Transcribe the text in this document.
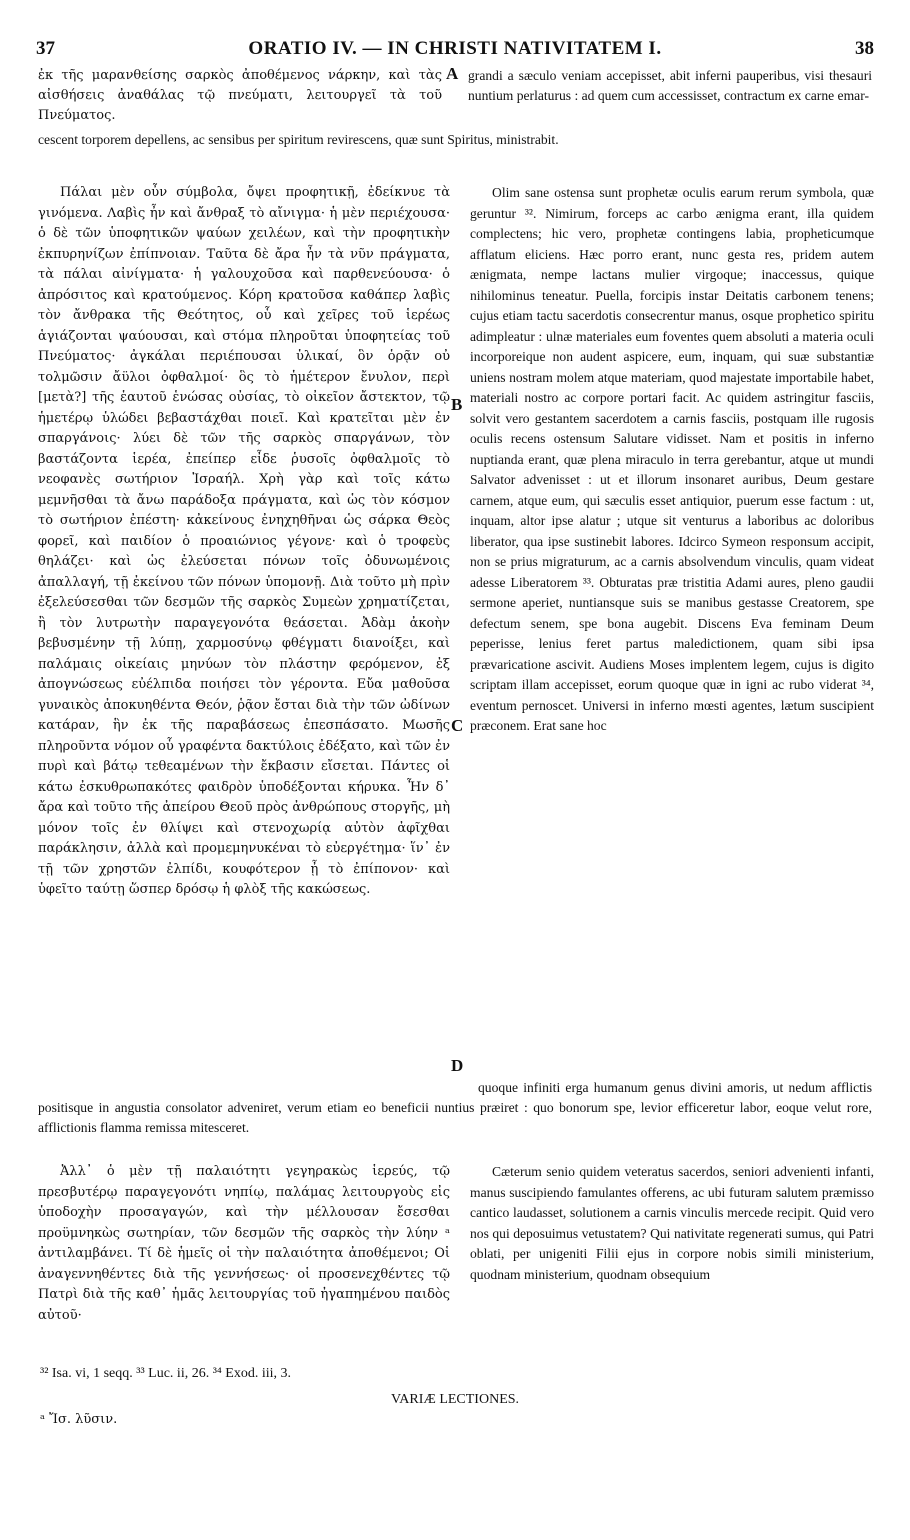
37	ORATIO IV. — IN CHRISTI NATIVITATEM I.	38

ἐκ τῆς μαρανθείσης σαρκὸς ἀποθέμενος νάρκην, καὶ τὰς αἰσθήσεις ἀναθάλας τῷ πνεύματι, λειτουργεῖ τὰ τοῦ Πνεύματος.

A grandi a sæculo veniam accepisset, abit inferni pauperibus, visi thesauri nuntium perlaturus : ad quem cum accessisset, contractum ex carne emar-

cescent torporem depellens, ac sensibus per spiritum revirescens, quæ sunt Spiritus, ministrabit.

Πάλαι μὲν οὖν σύμβολα, ὄψει προφητικῇ, ἐδείκνυε τὰ γινόμενα. Λαβὶς ἦν καὶ ἄνθραξ τὸ αἴνιγμα· ἡ μὲν περιέχουσα· ὁ δὲ τῶν ὑποφητικῶν ψαύων χειλέων, καὶ τὴν προφητικὴν ἐκπυρηνίζων ἐπίπνοιαν. Ταῦτα δὲ ἄρα ἦν τὰ νῦν πράγματα, τὰ πάλαι αἰνίγματα· ἡ γαλουχοῦσα καὶ παρθενεύουσα· ὁ ἀπρόσιτος καὶ κρατούμενος. Κόρη κρατοῦσα καθάπερ λαβὶς τὸν ἄνθρακα τῆς Θεότητος, οὗ καὶ χεῖρες τοῦ ἱερέως ἁγιάζονται ψαύουσαι, καὶ στόμα πληροῦται ὑποφητείας τοῦ Πνεύματος· ἀγκάλαι περιέπουσαι ὑλικαί, ὃν ὁρᾷν οὐ τολμῶσιν ἄϋλοι ὀφθαλμοί· ὃς τὸ ἡμέτερον ἔνυλον, περὶ [μετὰ?] τῆς ἑαυτοῦ ἑνώσας οὐσίας, τὸ οἰκεῖον ἄστεκτον, τῷ ἡμετέρῳ ὑλώδει βεβαστάχθαι ποιεῖ. Καὶ κρατεῖται μὲν ἐν σπαργάνοις· λύει δὲ τῶν τῆς σαρκὸς σπαργάνων, τὸν βαστάζοντα ἱερέα, ἐπείπερ εἶδε ῥυσοῖς ὀφθαλμοῖς τὸ νεοφανὲς σωτήριον Ἰσραήλ. Χρὴ γὰρ καὶ τοῖς κάτω μεμνῆσθαι τὰ ἄνω παράδοξα πράγματα, καὶ ὡς τὸν κόσμον τὸ σωτήριον ἐπέστη· κἀκείνους ἐνηχηθῆναι ὡς σάρκα Θεὸς φορεῖ, καὶ παιδίον ὁ προαιώνιος γέγονε· καὶ ὁ τροφεὺς θηλάζει· καὶ ὡς ἐλεύσεται πόνων τοῖς ὀδυνωμένοις ἀπαλλαγή, τῇ ἐκείνου τῶν πόνων ὑπομονῇ. Διὰ τοῦτο μὴ πρὶν ἐξελεύσεσθαι τῶν δεσμῶν τῆς σαρκὸς Συμεὼν χρηματίζεται, ἢ τὸν λυτρωτὴν παραγεγονότα θεάσεται. Ἀδὰμ ἀκοὴν βεβυσμένην τῇ λύπῃ, χαρμοσύνῳ φθέγματι διανοίξει, καὶ παλάμαις οἰκείαις μηνύων τὸν πλάστην φερόμενον, ἐξ ἀπογνώσεως εὐέλπιδα ποιήσει τὸν γέροντα. Εὔα μαθοῦσα γυναικὸς ἀποκυηθέντα Θεόν, ῥᾷον ἔσται διὰ τὴν τῶν ὠδίνων κατάραν, ἣν ἐκ τῆς παραβάσεως ἐπεσπάσατο. Μωσῆς πληροῦντα νόμον οὗ γραφέντα δακτύλοις ἐδέξατο, καὶ τῶν ἐν πυρὶ καὶ βάτῳ τεθεαμένων τὴν ἔκβασιν εἴσεται. Πάντες οἱ κάτω ἐσκυθρωπακότες φαιδρὸν ὑποδέξονται κήρυκα. Ἦν δ᾽ ἄρα καὶ τοῦτο τῆς ἀπείρου Θεοῦ πρὸς ἀνθρώπους στοργῆς, μὴ μόνον τοῖς ἐν θλίψει καὶ στενοχωρίᾳ αὐτὸν ἀφῖχθαι παράκλησιν, ἀλλὰ καὶ προμεμηνυκέναι τὸ εὐεργέτημα· ἵν᾽ ἐν τῇ τῶν χρηστῶν ἐλπίδι, κουφότερον ᾖ τὸ ἐπίπονον· καὶ ὑφεῖτο ταύτῃ ὥσπερ δρόσῳ ἡ φλὸξ τῆς κακώσεως.

B
C
D

Olim sane ostensa sunt prophetæ oculis earum rerum symbola, quæ geruntur ³². Nimirum, forceps ac carbo ænigma erant, illa quidem complectens; hic vero, prophetæ contingens labia, propheticumque afflatum eliciens. Hæc porro erant, nunc gesta res, pridem autem ænigmata, nempe lactans mulier virgoque; inaccessus, quique nihilominus teneatur. Puella, forcipis instar Deitatis carbonem tenens; cujus etiam tactu sacerdotis consecrentur manus, osque prophetico spiritu adimpleatur : ulnæ materiales eum foventes quem absoluti a materia oculi incorporeique non audent aspicere, eum, inquam, qui suæ substantiæ uniens nostram molem atque materiam, quod majestate importabile habet, materiali nostro ac corpore portari facit. Ac quidem astringitur fasciis, solvit vero gestantem sacerdotem a carnis fasciis, postquam ille rugosis oculis recens ostensum Salutare vidisset. Nam et positis in inferno nuptianda erant, quæ plena miraculo in terra gerebantur, atque ut mundi Salvator advenisset : ut et illorum insonaret auribus, Deum gestare carnem, atque eum, qui sæculis esset antiquior, puerum esse factum : ut, inquam, altor ipse alatur ; utque sit venturus a laboribus ac doloribus liberator, qua ipse sustinebit labores. Idcirco Symeon responsum accipit, non se prius migraturum, ac a carnis absolvendum vinculis, quam videat adesse Liberatorem ³³. Obturatas præ tristitia Adami aures, pleno gaudii sermone aperiet, nuntiansque suis se manibus gestasse Creatorem, spe defectum senem, spe bona augebit. Discens Eva feminam Deum peperisse, lenius feret partus maledictionem, quam sibi ipsa prævaricatione ascivit. Audiens Moses implentem legem, cujus is digito scriptam illam accepisset, eorum quoque quæ in igni ac rubo viderat ³⁴, eventum pernoscet. Universi in inferno mœsti agentes, lætum suscipient præconem. Erat sane hoc

quoque infiniti erga humanum genus divini amoris, ut nedum afflictis positisque in angustia consolator adveniret, verum etiam eo beneficii nuntius præiret : quo bonorum spe, levior efficeretur labor, eoque velut rore, afflictionis flamma remissa mitesceret.

Ἀλλ᾽ ὁ μὲν τῇ παλαιότητι γεγηρακὼς ἱερεύς, τῷ πρεσβυτέρῳ παραγεγονότι νηπίῳ, παλάμας λειτουργοὺς εἰς ὑποδοχὴν προσαγαγών, καὶ τὴν μέλλουσαν ἔσεσθαι προϋμνηκὼς σωτηρίαν, τῶν δεσμῶν τῆς σαρκὸς τὴν λύην ᵃ ἀντιλαμβάνει. Τί δὲ ἡμεῖς οἱ τὴν παλαιότητα ἀποθέμενοι; Οἱ ἀναγεννηθέντες διὰ τῆς γεννήσεως· οἱ προσενεχθέντες τῷ Πατρὶ διὰ τῆς καθ᾽ ἡμᾶς λειτουργίας τοῦ ἠγαπημένου παιδὸς αὐτοῦ·

Cæterum senio quidem veteratus sacerdos, seniori advenienti infanti, manus suscipiendo famulantes offerens, ac ubi futuram salutem præmisso cantico laudasset, solutionem a carnis vinculis mercede recipit. Quid vero nos qui deposuimus vetustatem? Qui nativitate regenerati sumus, qui Patri oblati, per unigeniti Filii ejus in corpore nobis simili ministerium, quodnam ministerium, quodnam obsequium

³² Isa. vi, 1 seqq. ³³ Luc. ii, 26. ³⁴ Exod. iii, 3.
VARIÆ LECTIONES.
ᵃ Ἴσ. λῦσιν.
